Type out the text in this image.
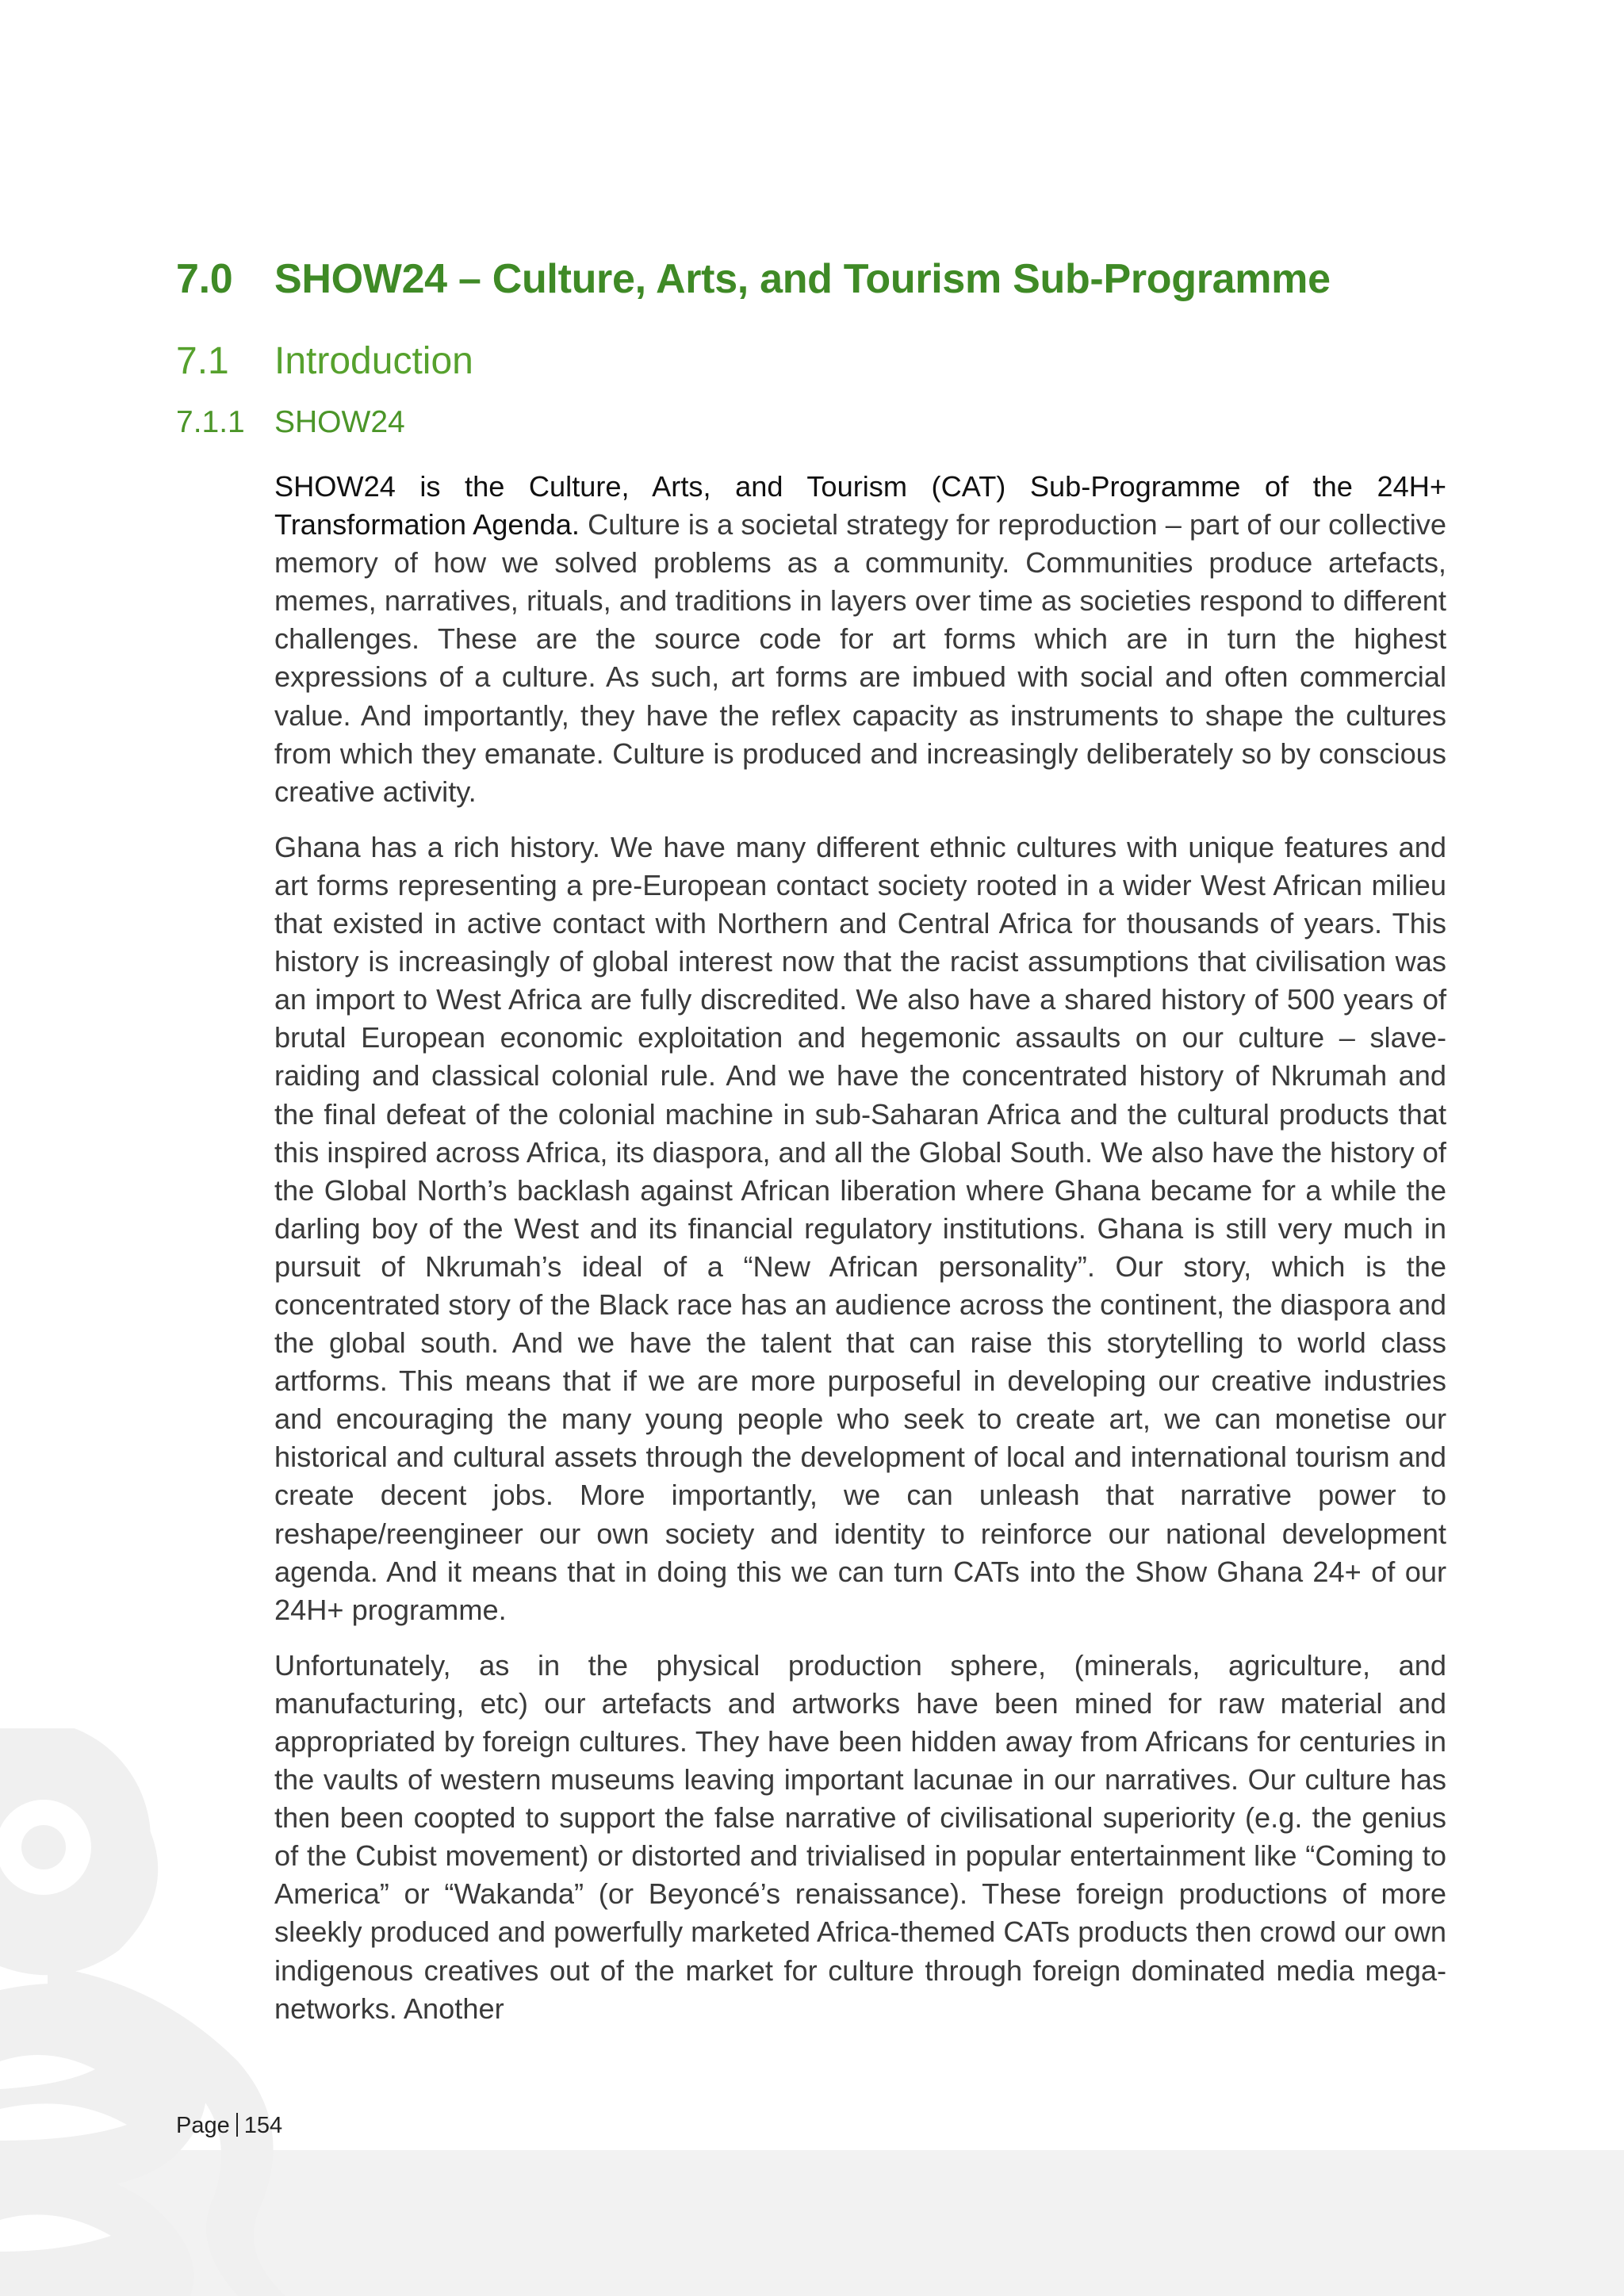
7.0	SHOW24 – Culture, Arts, and Tourism Sub-Programme
7.1	Introduction
7.1.1 SHOW24

SHOW24 is the Culture, Arts, and Tourism (CAT) Sub-Programme of the 24H+ Transformation Agenda. Culture is a societal strategy for reproduction – part of our collective memory of how we solved problems as a community. Communities produce artefacts, memes, narratives, rituals, and traditions in layers over time as societies respond to different challenges. These are the source code for art forms which are in turn the highest expressions of a culture. As such, art forms are imbued with social and often commercial value. And importantly, they have the reflex capacity as instruments to shape the cultures from which they emanate. Culture is produced and increasingly deliberately so by conscious creative activity.

Ghana has a rich history. We have many different ethnic cultures with unique features and art forms representing a pre-European contact society rooted in a wider West African milieu that existed in active contact with Northern and Central Africa for thousands of years. This history is increasingly of global interest now that the racist assumptions that civilisation was an import to West Africa are fully discredited. We also have a shared history of 500 years of brutal European economic exploitation and hegemonic assaults on our culture – slave-raiding and classical colonial rule. And we have the concentrated history of Nkrumah and the final defeat of the colonial machine in sub-Saharan Africa and the cultural products that this inspired across Africa, its diaspora, and all the Global South. We also have the history of the Global North’s backlash against African liberation where Ghana became for a while the darling boy of the West and its financial regulatory institutions. Ghana is still very much in pursuit of Nkrumah’s ideal of a “New African personality”. Our story, which is the concentrated story of the Black race has an audience across the continent, the diaspora and the global south. And we have the talent that can raise this storytelling to world class artforms. This means that if we are more purposeful in developing our creative industries and encouraging the many young people who seek to create art, we can monetise our historical and cultural assets through the development of local and international tourism and create decent jobs. More importantly, we can unleash that narrative power to reshape/reengineer our own society and identity to reinforce our national development agenda. And it means that in doing this we can turn CATs into the Show Ghana 24+ of our 24H+ programme.

Unfortunately, as in the physical production sphere, (minerals, agriculture, and manufacturing, etc) our artefacts and artworks have been mined for raw material and appropriated by foreign cultures. They have been hidden away from Africans for centuries in the vaults of western museums leaving important lacunae in our narratives. Our culture has then been coopted to support the false narrative of civilisational superiority (e.g. the genius of the Cubist movement) or distorted and trivialised in popular entertainment like “Coming to America” or “Wakanda” (or Beyoncé’s renaissance). These foreign productions of more sleekly produced and powerfully marketed Africa-themed CATs products then crowd our own indigenous creatives out of the market for culture through foreign dominated media mega-networks. Another

Page 154
